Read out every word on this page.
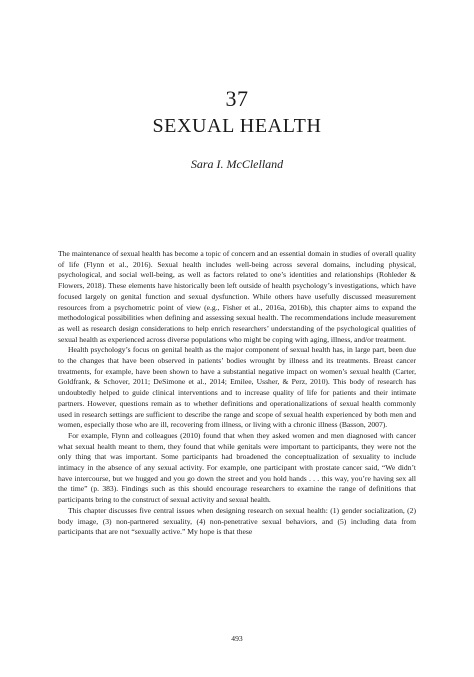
37
SEXUAL HEALTH
Sara I. McClelland

The maintenance of sexual health has become a topic of concern and an essential domain in studies of overall quality of life (Flynn et al., 2016). Sexual health includes well-being across several domains, including physical, psychological, and social well-being, as well as factors related to one’s identities and relationships (Rohleder & Flowers, 2018). These elements have historically been left outside of health psychology’s investigations, which have focused largely on genital function and sexual dysfunction. While others have usefully discussed measurement resources from a psychometric point of view (e.g., Fisher et al., 2016a, 2016b), this chapter aims to expand the methodological possibilities when defining and assessing sexual health. The recommendations include measurement as well as research design considerations to help enrich researchers’ understanding of the psychological qualities of sexual health as experienced across diverse populations who might be coping with aging, illness, and/or treatment.

Health psychology’s focus on genital health as the major component of sexual health has, in large part, been due to the changes that have been observed in patients’ bodies wrought by illness and its treatments. Breast cancer treatments, for example, have been shown to have a substantial negative impact on women’s sexual health (Carter, Goldfrank, & Schover, 2011; DeSimone et al., 2014; Emilee, Ussher, & Perz, 2010). This body of research has undoubtedly helped to guide clinical interventions and to increase quality of life for patients and their intimate partners. However, questions remain as to whether definitions and operationalizations of sexual health commonly used in research settings are sufficient to describe the range and scope of sexual health experienced by both men and women, especially those who are ill, recovering from illness, or living with a chronic illness (Basson, 2007).

For example, Flynn and colleagues (2010) found that when they asked women and men diagnosed with cancer what sexual health meant to them, they found that while genitals were important to participants, they were not the only thing that was important. Some participants had broadened the conceptualization of sexuality to include intimacy in the absence of any sexual activity. For example, one participant with prostate cancer said, “We didn’t have intercourse, but we hugged and you go down the street and you hold hands . . . this way, you’re having sex all the time” (p. 383). Findings such as this should encourage researchers to examine the range of definitions that participants bring to the construct of sexual activity and sexual health.

This chapter discusses five central issues when designing research on sexual health: (1) gender socialization, (2) body image, (3) non-partnered sexuality, (4) non-penetrative sexual behaviors, and (5) including data from participants that are not “sexually active.” My hope is that these

493
